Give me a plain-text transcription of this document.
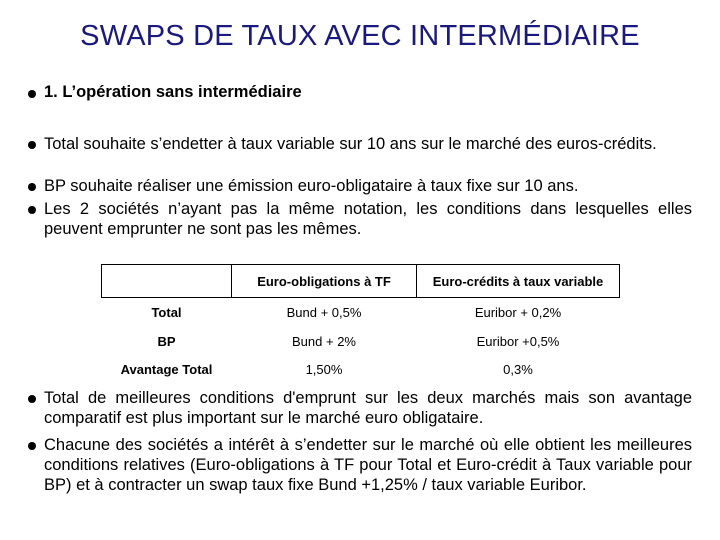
SWAPS DE TAUX AVEC INTERMÉDIAIRE
1. L’opération sans intermédiaire
Total souhaite s’endetter à taux variable sur 10 ans sur le marché des euros-crédits.
BP souhaite réaliser une émission euro-obligataire à taux fixe sur 10 ans.
Les 2 sociétés n’ayant pas la même notation, les conditions dans lesquelles elles peuvent emprunter ne sont pas les mêmes.
	Euro-obligations à TF	Euro-crédits à taux variable
Total	Bund + 0,5%	Euribor + 0,2%
BP	Bund + 2%	Euribor +0,5%
Avantage Total	1,50%	0,3%
Total de meilleures conditions d'emprunt sur les deux marchés mais son avantage comparatif est plus important sur le marché euro obligataire.
Chacune des sociétés a intérêt à s’endetter sur le marché où elle obtient les meilleures conditions relatives (Euro-obligations à TF pour Total et Euro-crédit à Taux variable pour BP) et à contracter un swap taux fixe Bund +1,25% / taux variable Euribor.
